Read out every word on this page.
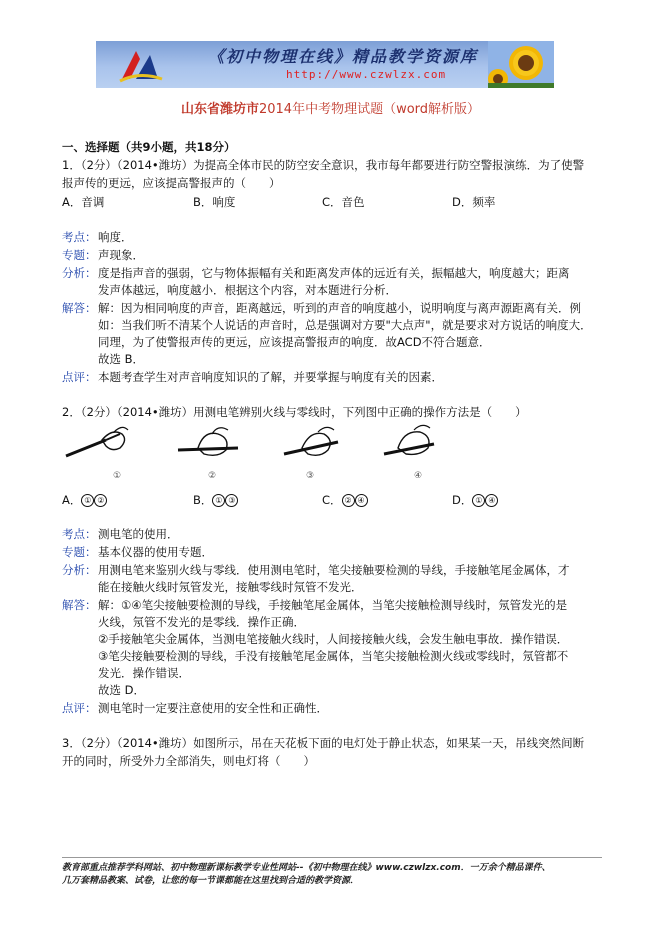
《初中物理在线》精品教学资源库
http://www.czwlzx.com
山东省潍坊市2014年中考物理试题（word解析版）
一、选择题（共9小题，共18分）
1．（2分）（2014•潍坊）为提高全体市民的防空安全意识，我市每年都要进行防空警报演练．为了使警
报声传的更远，应该提高警报声的（　　）
A．音调	B．响度	C．音色	D．频率
考点： 响度．
专题： 声现象．
分析： 度是指声音的强弱，它与物体振幅有关和距离发声体的远近有关，振幅越大，响度越大；距离
发声体越远，响度越小．根据这个内容，对本题进行分析．
解答： 解：因为相同响度的声音，距离越远，听到的声音的响度越小，说明响度与离声源距离有关．例
如：当我们听不清某个人说话的声音时，总是强调对方要"大点声"，就是要求对方说话的响度大．
同理，为了使警报声传的更远，应该提高警报声的响度．故ACD不符合题意．
故选 B．
点评： 本题考查学生对声音响度知识的了解，并要掌握与响度有关的因素．
2．（2分）（2014•潍坊）用测电笔辨别火线与零线时，下列图中正确的操作方法是（　　）
①	②	③	④
A． ① ②	B． ① ③	C． ② ④	D． ① ④
考点： 测电笔的使用．
专题： 基本仪器的使用专题．
分析： 用测电笔来鉴别火线与零线．使用测电笔时，笔尖接触要检测的导线，手接触笔尾金属体，才
能在接触火线时氖管发光，接触零线时氖管不发光．
解答： 解：①④笔尖接触要检测的导线，手接触笔尾金属体，当笔尖接触检测导线时，氖管发光的是
火线，氖管不发光的是零线．操作正确．
②手接触笔尖金属体，当测电笔接触火线时，人间接接触火线，会发生触电事故．操作错误．
③笔尖接触要检测的导线，手没有接触笔尾金属体，当笔尖接触检测火线或零线时，氖管都不
发光．操作错误．
故选 D．
点评： 测电笔时一定要注意使用的安全性和正确性．
3．（2分）（2014•潍坊）如图所示，吊在天花板下面的电灯处于静止状态，如果某一天，吊线突然间断
开的同时，所受外力全部消失，则电灯将（　　）
教育部重点推荐学科网站、初中物理新课标教学专业性网站--《初中物理在线》www.czwlzx.com．一万余个精品课件、
几万套精品教案、试卷，让您的每一节课都能在这里找到合适的教学资源．
